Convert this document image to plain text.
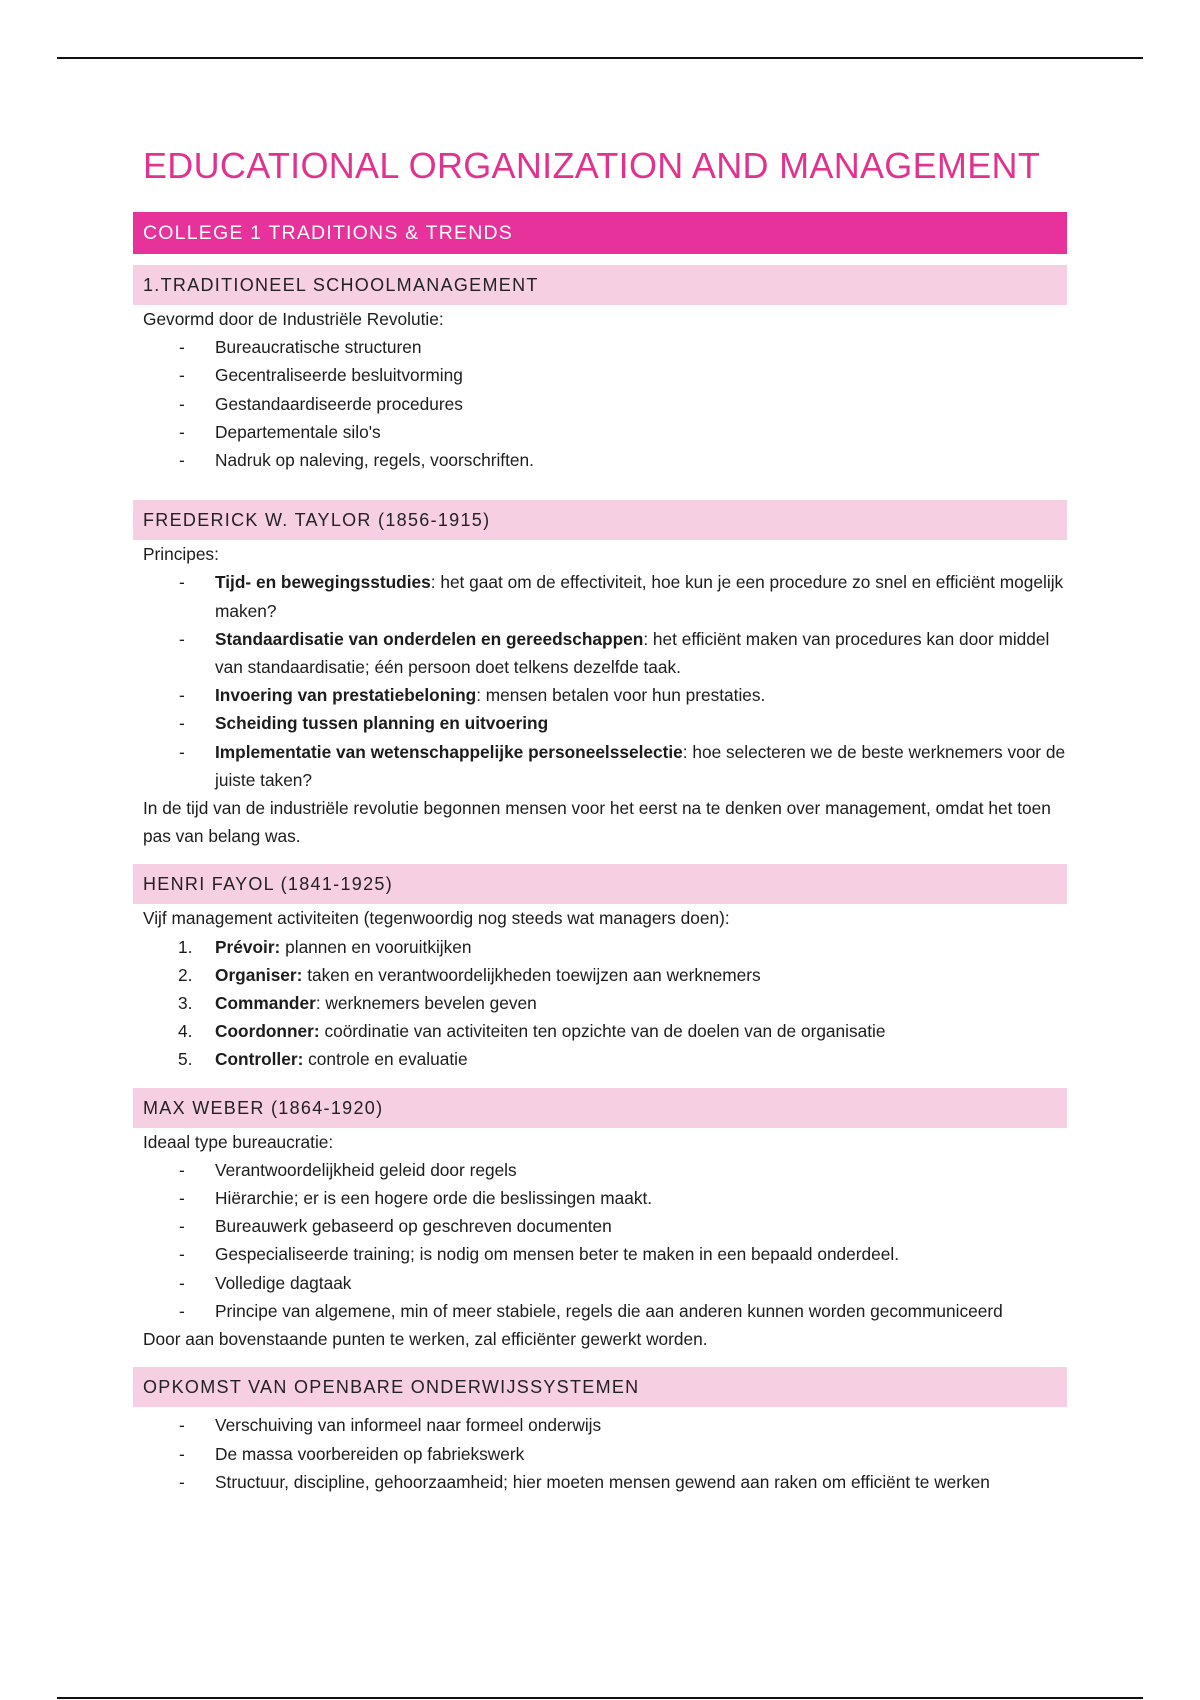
EDUCATIONAL ORGANIZATION AND MANAGEMENT
COLLEGE 1 TRADITIONS & TRENDS
1.TRADITIONEEL SCHOOLMANAGEMENT

Gevormd door de Industriële Revolutie:

- Bureaucratische structuren
- Gecentraliseerde besluitvorming
- Gestandaardiseerde procedures
- Departementale silo's
- Nadruk op naleving, regels, voorschriften.
FREDERICK W. TAYLOR (1856-1915)

Principes:

- Tijd- en bewegingsstudies: het gaat om de effectiviteit, hoe kun je een procedure zo snel en efficiënt mogelijk maken?
- Standaardisatie van onderdelen en gereedschappen: het efficiënt maken van procedures kan door middel van standaardisatie; één persoon doet telkens dezelfde taak.
- Invoering van prestatiebeloning: mensen betalen voor hun prestaties.
- Scheiding tussen planning en uitvoering
- Implementatie van wetenschappelijke personeelsselectie: hoe selecteren we de beste werknemers voor de juiste taken?

In de tijd van de industriële revolutie begonnen mensen voor het eerst na te denken over management, omdat het toen pas van belang was.

HENRI FAYOL (1841-1925)

Vijf management activiteiten (tegenwoordig nog steeds wat managers doen):

1. Prévoir: plannen en vooruitkijken
2. Organiser: taken en verantwoordelijkheden toewijzen aan werknemers
3. Commander: werknemers bevelen geven
4. Coordonner: coördinatie van activiteiten ten opzichte van de doelen van de organisatie
5. Controller: controle en evaluatie
MAX WEBER (1864-1920)

Ideaal type bureaucratie:

- Verantwoordelijkheid geleid door regels
- Hiërarchie; er is een hogere orde die beslissingen maakt.
- Bureauwerk gebaseerd op geschreven documenten
- Gespecialiseerde training; is nodig om mensen beter te maken in een bepaald onderdeel.
- Volledige dagtaak
- Principe van algemene, min of meer stabiele, regels die aan anderen kunnen worden gecommuniceerd

Door aan bovenstaande punten te werken, zal efficiënter gewerkt worden.

OPKOMST VAN OPENBARE ONDERWIJSSYSTEMEN
- Verschuiving van informeel naar formeel onderwijs
- De massa voorbereiden op fabriekswerk
- Structuur, discipline, gehoorzaamheid; hier moeten mensen gewend aan raken om efficiënt te werken
